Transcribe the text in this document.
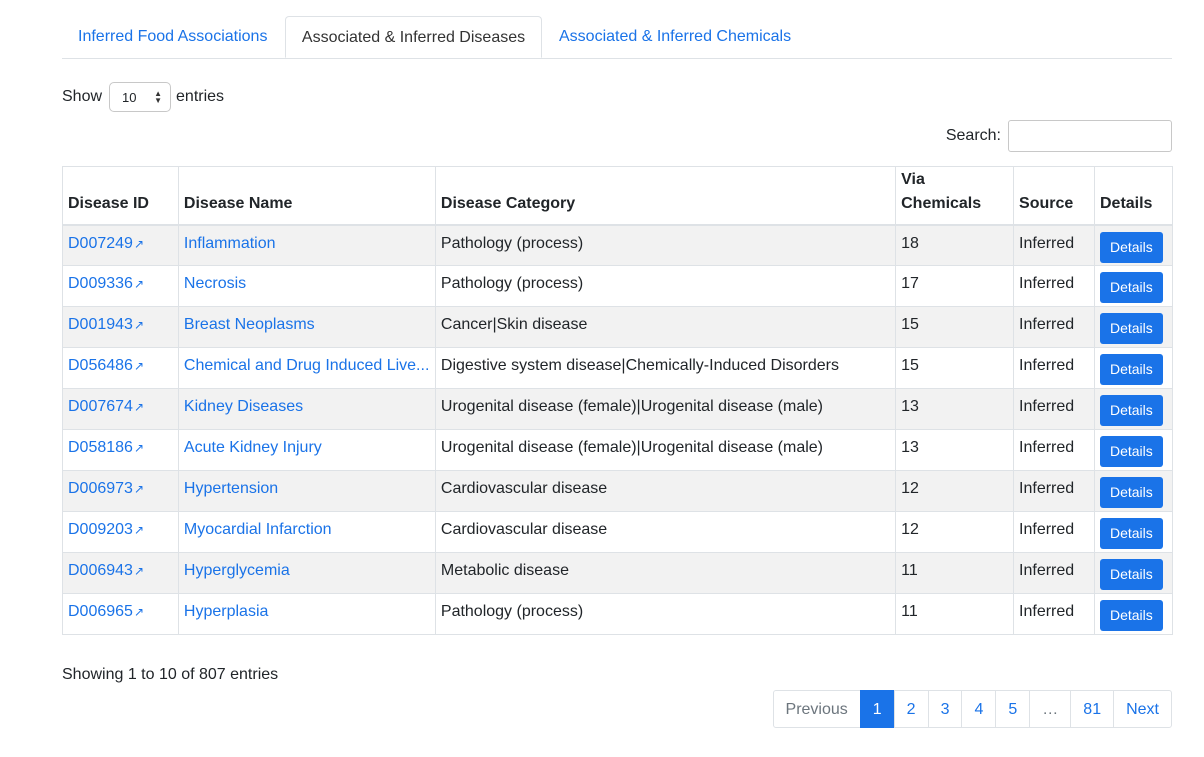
Inferred Food Associations	Associated & Inferred Diseases	Associated & Inferred Chemicals
Show 10 ▲
▼ entries
Search:
Disease ID	Disease Name	Disease Category	Via Chemicals	Source	Details
D007249↗︎	Inflammation	Pathology (process)	18	Inferred	Details
D009336↗︎	Necrosis	Pathology (process)	17	Inferred	Details
D001943↗︎	Breast Neoplasms	Cancer|Skin disease	15	Inferred	Details
D056486↗︎	Chemical and Drug Induced Live...	Digestive system disease|Chemically-Induced Disorders	15	Inferred	Details
D007674↗︎	Kidney Diseases	Urogenital disease (female)|Urogenital disease (male)	13	Inferred	Details
D058186↗︎	Acute Kidney Injury	Urogenital disease (female)|Urogenital disease (male)	13	Inferred	Details
D006973↗︎	Hypertension	Cardiovascular disease	12	Inferred	Details
D009203↗︎	Myocardial Infarction	Cardiovascular disease	12	Inferred	Details
D006943↗︎	Hyperglycemia	Metabolic disease	11	Inferred	Details
D006965↗︎	Hyperplasia	Pathology (process)	11	Inferred	Details
Showing 1 to 10 of 807 entries
Previous	1	2	3	4	5	…	81	Next
